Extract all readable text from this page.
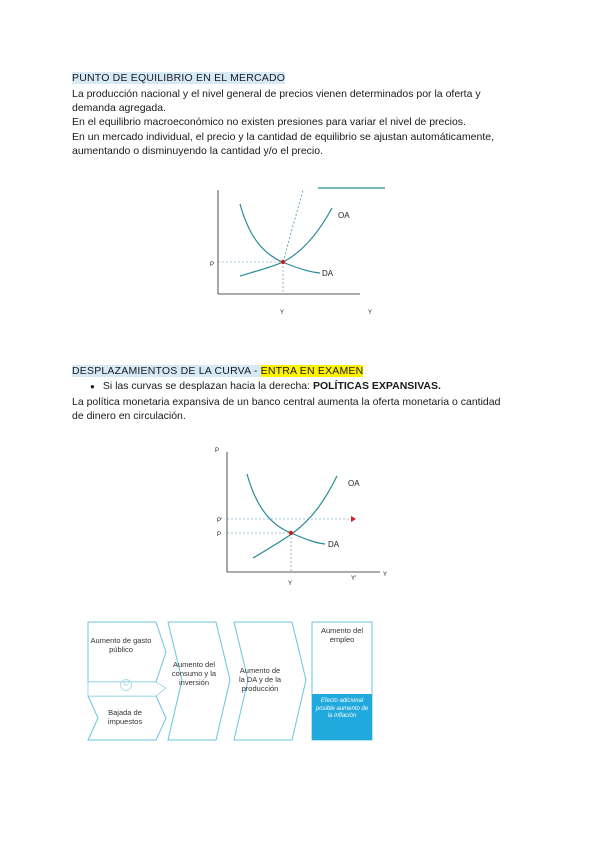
PUNTO DE EQUILIBRIO EN EL MERCADO
La producción nacional y el nivel general de precios vienen determinados por la oferta y
demanda agregada.
En el equilibrio macroeconómico no existen presiones para variar el nivel de precios.
En un mercado individual, el precio y la cantidad de equilibrio se ajustan automáticamente,
aumentando o disminuyendo la cantidad y/o el precio.
OA
DA
P
Y	Y
DESPLAZAMIENTOS DE LA CURVA - ENTRA EN EXAMEN
● Si las curvas se desplazan hacia la derecha: POLÍTICAS EXPANSIVAS.
La política monetaria expansiva de un banco central aumenta la oferta monetaria o cantidad
de dinero en circulación.
OA
DA
P'
P
P
Y
Y'
Y
Aumento de gasto público
Bajada de impuestos
©
Aumento del consumo y la inversión
Aumento de la DA y de la producción
Aumento del empleo
Efecto adicional posible aumento de la inflación
